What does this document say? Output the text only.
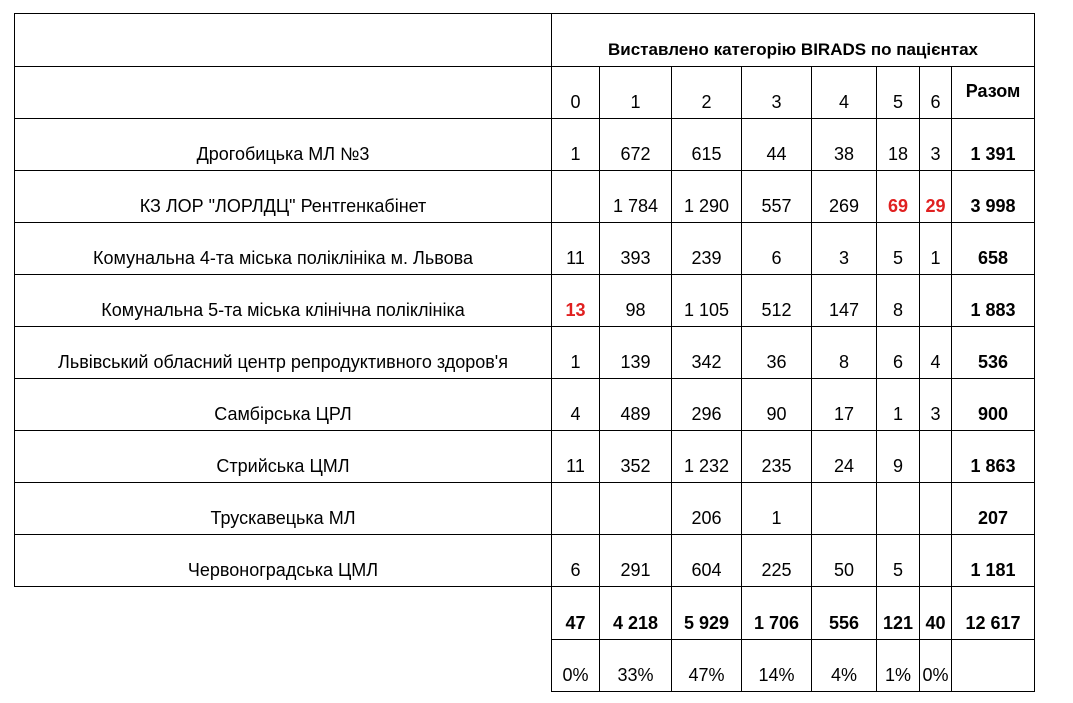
	Виставлено категорію BIRADS по пацієнтах							
	0	1	2	3	4	5	6	Разом
Дрогобицька МЛ №3	1	672	615	44	38	18	3	1 391
КЗ ЛОР "ЛОРЛДЦ" Рентгенкабінет		1 784	1 290	557	269	69	29	3 998
Комунальна 4-та міська поліклініка м. Львова	11	393	239	6	3	5	1	658
Комунальна 5-та міська клінічна поліклініка	13	98	1 105	512	147	8		1 883
Львівський обласний центр репродуктивного здоров'я	1	139	342	36	8	6	4	536
Самбірська ЦРЛ	4	489	296	90	17	1	3	900
Стрийська ЦМЛ	11	352	1 232	235	24	9		1 863
Трускавецька МЛ			206	1				207
Червоноградська ЦМЛ	6	291	604	225	50	5		1 181
	47	4 218	5 929	1 706	556	121	40	12 617
	0%	33%	47%	14%	4%	1%	0%	
